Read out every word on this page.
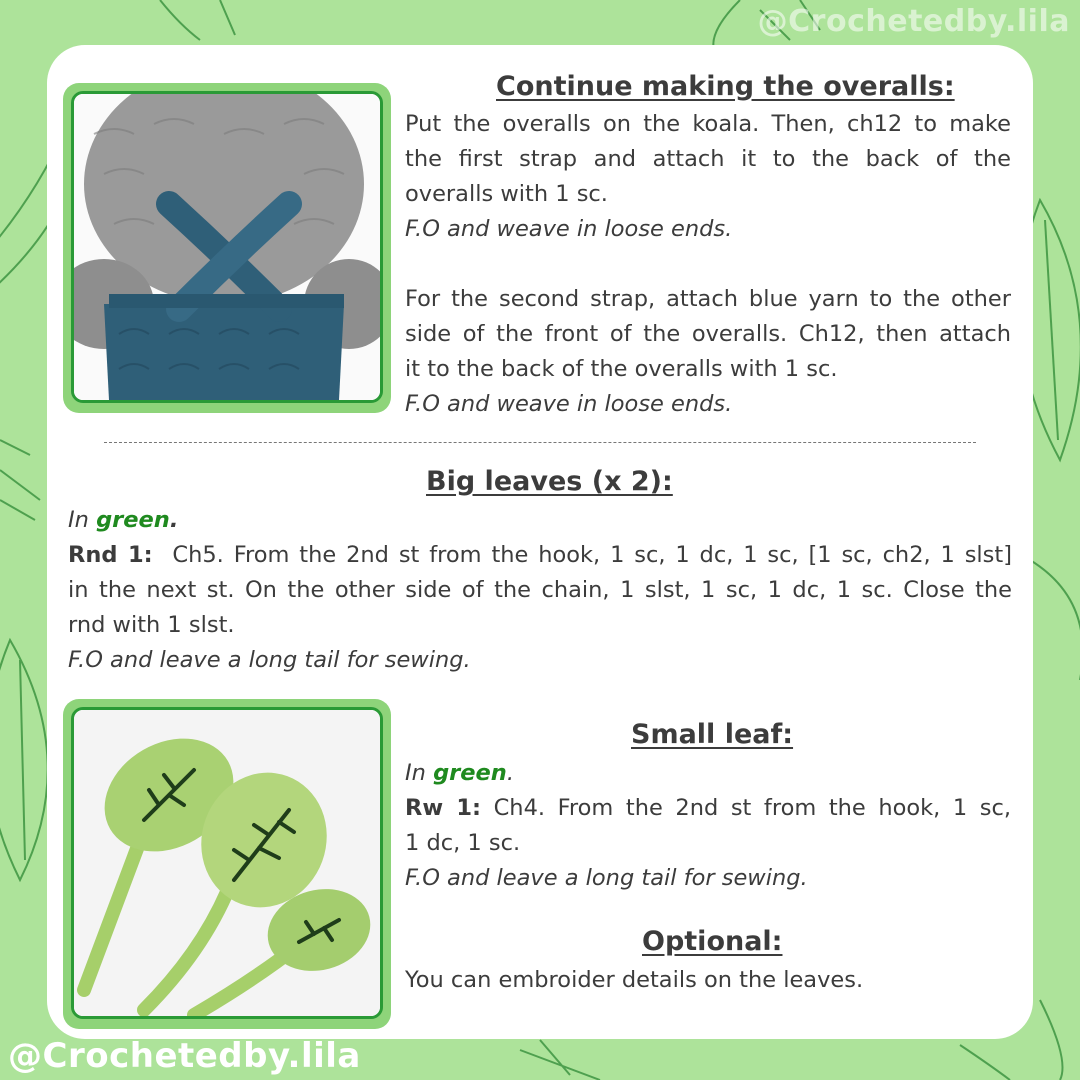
@Crochetedby.lila
Continue making the overalls:
Put the overalls on the koala. Then, ch12 to make
the first strap and attach it to the back of the
overalls with 1 sc.
F.O and weave in loose ends.

For the second strap, attach blue yarn to the other
side of the front of the overalls. Ch12, then attach
it to the back of the overalls with 1 sc.
F.O and weave in loose ends.
Big leaves (x 2):
In green.
Rnd 1: Ch5. From the 2nd st from the hook, 1 sc, 1 dc, 1 sc, [1 sc, ch2, 1 slst]
in the next st. On the other side of the chain, 1 slst, 1 sc, 1 dc, 1 sc. Close the
rnd with 1 slst.
F.O and leave a long tail for sewing.
Small leaf:
In green.
Rw 1: Ch4. From the 2nd st from the hook, 1 sc,
1 dc, 1 sc.
F.O and leave a long tail for sewing.
Optional:
You can embroider details on the leaves.
@Crochetedby.lila
